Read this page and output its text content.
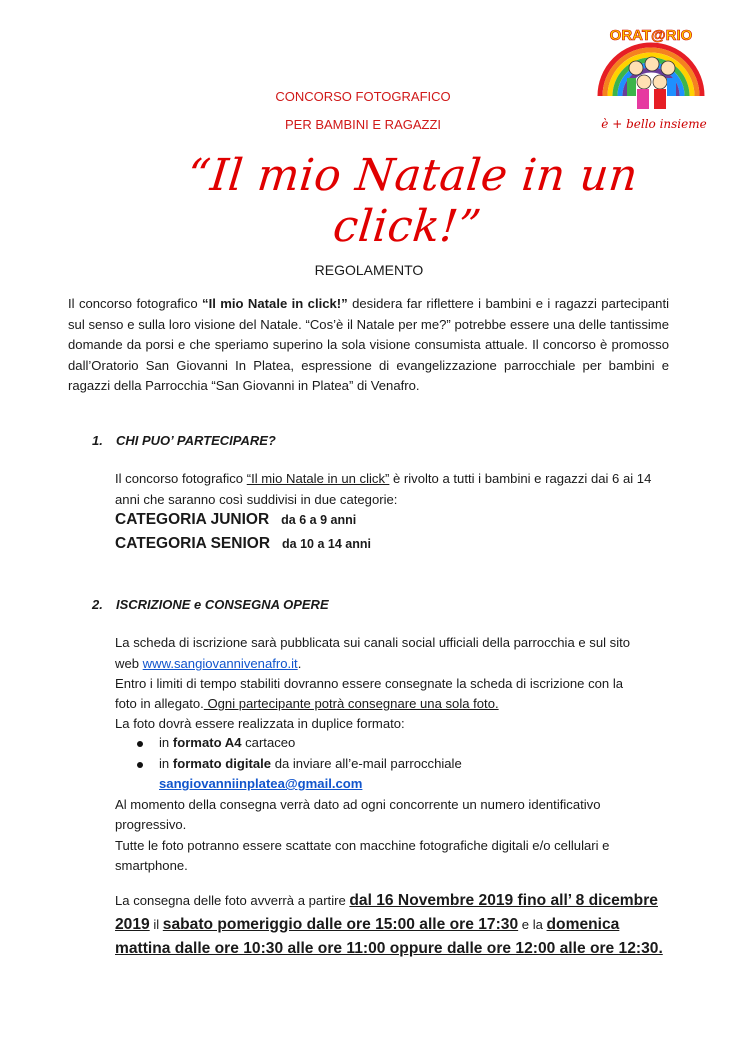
ORAT@RIO
è + bello insieme
CONCORSO FOTOGRAFICO
PER BAMBINI E RAGAZZI
“Il mio Natale in un click!”
REGOLAMENTO
Il concorso fotografico “Il mio Natale in click!” desidera far riflettere i bambini e i ragazzi partecipanti sul senso e sulla loro visione del Natale. “Cos’è il Natale per me?” potrebbe essere una delle tantissime domande da porsi e che speriamo superino la sola visione consumista attuale. Il concorso è promosso dall’Oratorio San Giovanni In Platea, espressione di evangelizzazione parrocchiale per bambini e ragazzi della Parrocchia “San Giovanni in Platea” di Venafro.
1. CHI PUO’ PARTECIPARE?
Il concorso fotografico “Il mio Natale in un click” è rivolto a tutti i bambini e ragazzi dai 6 ai 14 anni che saranno così suddivisi in due categorie:
CATEGORIA JUNIOR da 6 a 9 anni
CATEGORIA SENIOR da 10 a 14 anni
2. ISCRIZIONE e CONSEGNA OPERE
La scheda di iscrizione sarà pubblicata sui canali social ufficiali della parrocchia e sul sito
web www.sangiovannivenafro.it.
Entro i limiti di tempo stabiliti dovranno essere consegnate la scheda di iscrizione con la
foto in allegato. Ogni partecipante potrà consegnare una sola foto.
La foto dovrà essere realizzata in duplice formato:
in formato A4 cartaceo
in formato digitale da inviare all’e-mail parrocchiale
sangiovanniinplatea@gmail.com
Al momento della consegna verrà dato ad ogni concorrente un numero identificativo
progressivo.
Tutte le foto potranno essere scattate con macchine fotografiche digitali e/o cellulari e
smartphone.
La consegna delle foto avverrà a partire dal 16 Novembre 2019 fino all’ 8 dicembre
2019 il sabato pomeriggio dalle ore 15:00 alle ore 17:30 e la domenica
mattina dalle ore 10:30 alle ore 11:00 oppure dalle ore 12:00 alle ore 12:30.
